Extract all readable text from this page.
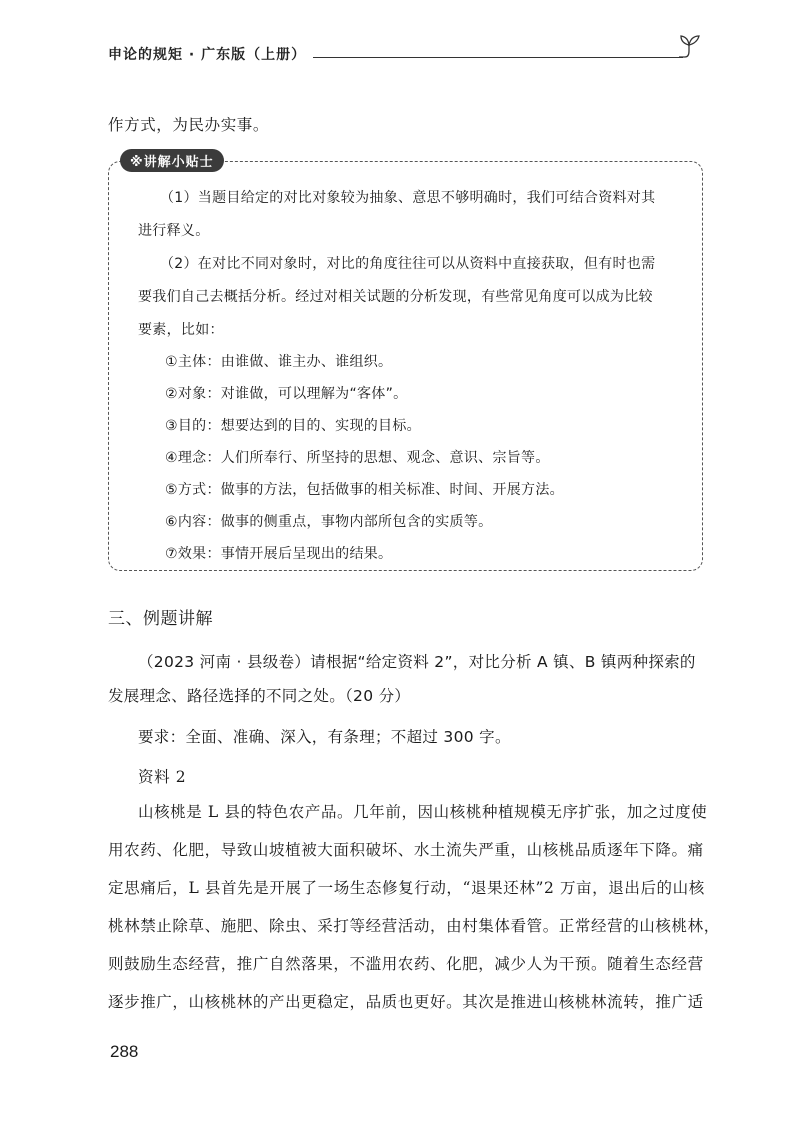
申论的规矩 · 广东版（上册）
作方式，为民办实事。
※讲解小贴士
（1）当题目给定的对比对象较为抽象、意思不够明确时，我们可结合资料对其
进行释义。
（2）在对比不同对象时，对比的角度往往可以从资料中直接获取，但有时也需
要我们自己去概括分析。经过对相关试题的分析发现，有些常见角度可以成为比较
要素，比如：
①主体：由谁做、谁主办、谁组织。
②对象：对谁做，可以理解为“客体”。
③目的：想要达到的目的、实现的目标。
④理念：人们所奉行、所坚持的思想、观念、意识、宗旨等。
⑤方式：做事的方法，包括做事的相关标准、时间、开展方法。
⑥内容：做事的侧重点，事物内部所包含的实质等。
⑦效果：事情开展后呈现出的结果。
三、例题讲解
（2023 河南 · 县级卷）请根据“给定资料 2”，对比分析 A 镇、B 镇两种探索的
发展理念、路径选择的不同之处。（20 分）
要求：全面、准确、深入，有条理；不超过 300 字。
资料 2
山核桃是 L 县的特色农产品。几年前，因山核桃种植规模无序扩张，加之过度使
用农药、化肥，导致山坡植被大面积破坏、水土流失严重，山核桃品质逐年下降。痛
定思痛后，L 县首先是开展了一场生态修复行动，“退果还林”2 万亩，退出后的山核
桃林禁止除草、施肥、除虫、采打等经营活动，由村集体看管。正常经营的山核桃林，
则鼓励生态经营，推广自然落果，不滥用农药、化肥，减少人为干预。随着生态经营
逐步推广，山核桃林的产出更稳定，品质也更好。其次是推进山核桃林流转，推广适
288
